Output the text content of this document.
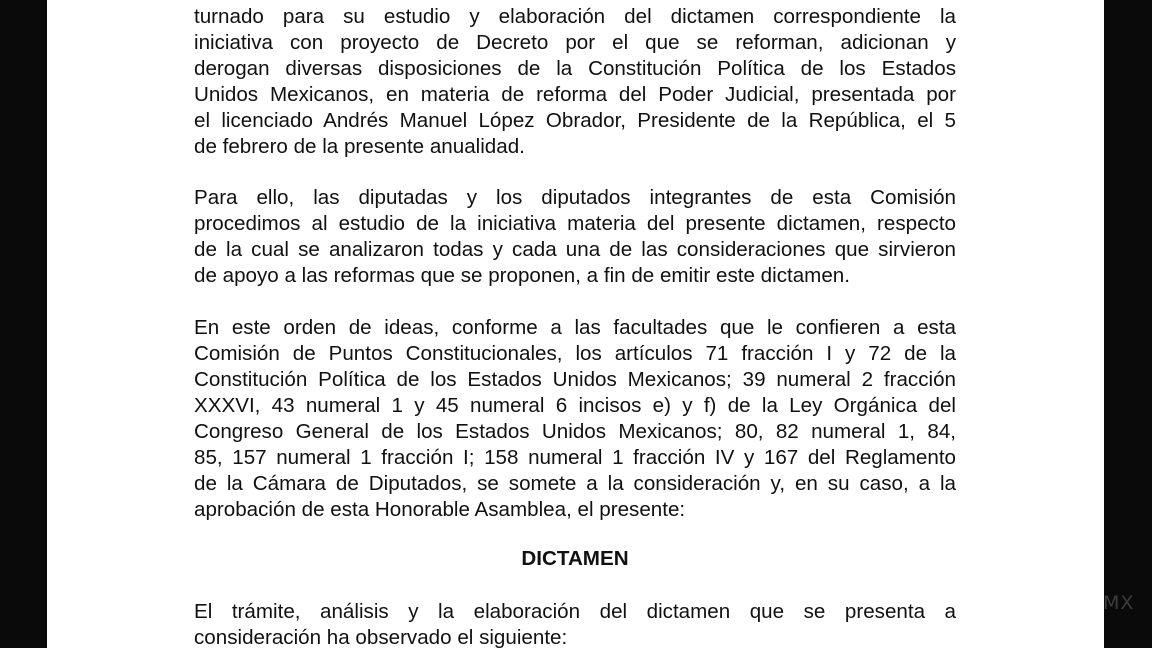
turnado para su estudio y elaboración del dictamen correspondiente la
iniciativa con proyecto de Decreto por el que se reforman, adicionan y
derogan diversas disposiciones de la Constitución Política de los Estados
Unidos Mexicanos, en materia de reforma del Poder Judicial, presentada por
el licenciado Andrés Manuel López Obrador, Presidente de la República, el 5
de febrero de la presente anualidad.
Para ello, las diputadas y los diputados integrantes de esta Comisión
procedimos al estudio de la iniciativa materia del presente dictamen, respecto
de la cual se analizaron todas y cada una de las consideraciones que sirvieron
de apoyo a las reformas que se proponen, a fin de emitir este dictamen.
En este orden de ideas, conforme a las facultades que le confieren a esta
Comisión de Puntos Constitucionales, los artículos 71 fracción I y 72 de la
Constitución Política de los Estados Unidos Mexicanos; 39 numeral 2 fracción
XXXVI, 43 numeral 1 y 45 numeral 6 incisos e) y f) de la Ley Orgánica del
Congreso General de los Estados Unidos Mexicanos; 80, 82 numeral 1, 84,
85, 157 numeral 1 fracción I; 158 numeral 1 fracción IV y 167 del Reglamento
de la Cámara de Diputados, se somete a la consideración y, en su caso, a la
aprobación de esta Honorable Asamblea, el presente:
DICTAMEN
El trámite, análisis y la elaboración del dictamen que se presenta a
consideración ha observado el siguiente:
MX
